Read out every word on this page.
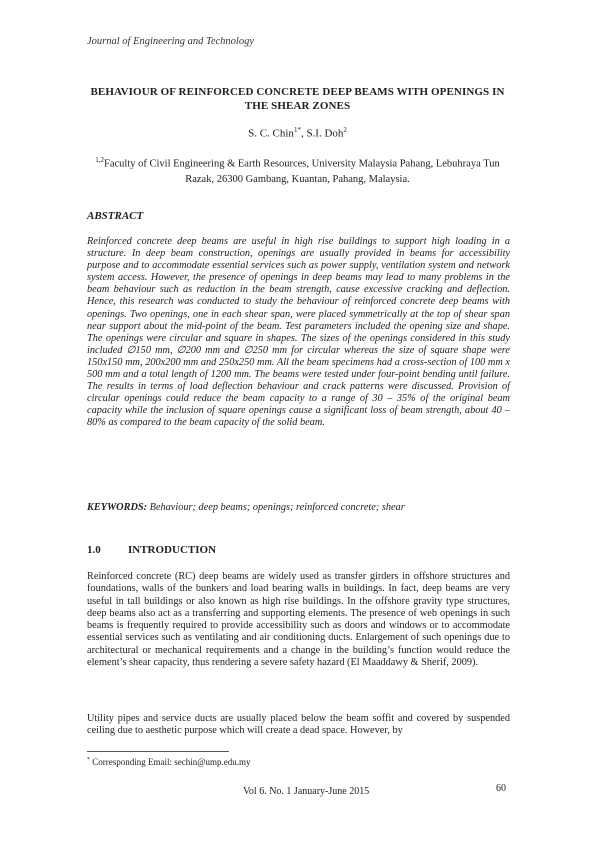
Journal of Engineering and Technology
BEHAVIOUR OF REINFORCED CONCRETE DEEP BEAMS WITH OPENINGS IN THE SHEAR ZONES
S. C. Chin$^{1*}$, S.I. Doh$^2$
$^{1,2}$Faculty of Civil Engineering & Earth Resources, University Malaysia Pahang, Lebuhraya Tun Razak, 26300 Gambang, Kuantan, Pahang, Malaysia.
ABSTRACT
Reinforced concrete deep beams are useful in high rise buildings to support high loading in a structure. In deep beam construction, openings are usually provided in beams for accessibility purpose and to accommodate essential services such as power supply, ventilation system and network system access. However, the presence of openings in deep beams may lead to many problems in the beam behaviour such as reduction in the beam strength, cause excessive cracking and deflection. Hence, this research was conducted to study the behaviour of reinforced concrete deep beams with openings. Two openings, one in each shear span, were placed symmetrically at the top of shear span near support about the mid-point of the beam. Test parameters included the opening size and shape. The openings were circular and square in shapes. The sizes of the openings considered in this study included ∅150 mm, ∅200 mm and ∅250 mm for circular whereas the size of square shape were 150x150 mm, 200x200 mm and 250x250 mm. All the beam specimens had a cross-section of 100 mm x 500 mm and a total length of 1200 mm. The beams were tested under four-point bending until failure. The results in terms of load deflection behaviour and crack patterns were discussed. Provision of circular openings could reduce the beam capacity to a range of 30 – 35% of the original beam capacity while the inclusion of square openings cause a significant loss of beam strength, about 40 – 80% as compared to the beam capacity of the solid beam.
KEYWORDS: Behaviour; deep beams; openings; reinforced concrete; shear
1.0 INTRODUCTION
Reinforced concrete (RC) deep beams are widely used as transfer girders in offshore structures and foundations, walls of the bunkers and load bearing walls in buildings. In fact, deep beams are very useful in tall buildings or also known as high rise buildings. In the offshore gravity type structures, deep beams also act as a transferring and supporting elements. The presence of web openings in such beams is frequently required to provide accessibility such as doors and windows or to accommodate essential services such as ventilating and air conditioning ducts. Enlargement of such openings due to architectural or mechanical requirements and a change in the building’s function would reduce the element’s shear capacity, thus rendering a severe safety hazard (El Maaddawy & Sherif, 2009).
Utility pipes and service ducts are usually placed below the beam soffit and covered by suspended ceiling due to aesthetic purpose which will create a dead space. However, by
* Corresponding Email: sechin@ump.edu.my
Vol 6. No. 1 January-June 2015	60
